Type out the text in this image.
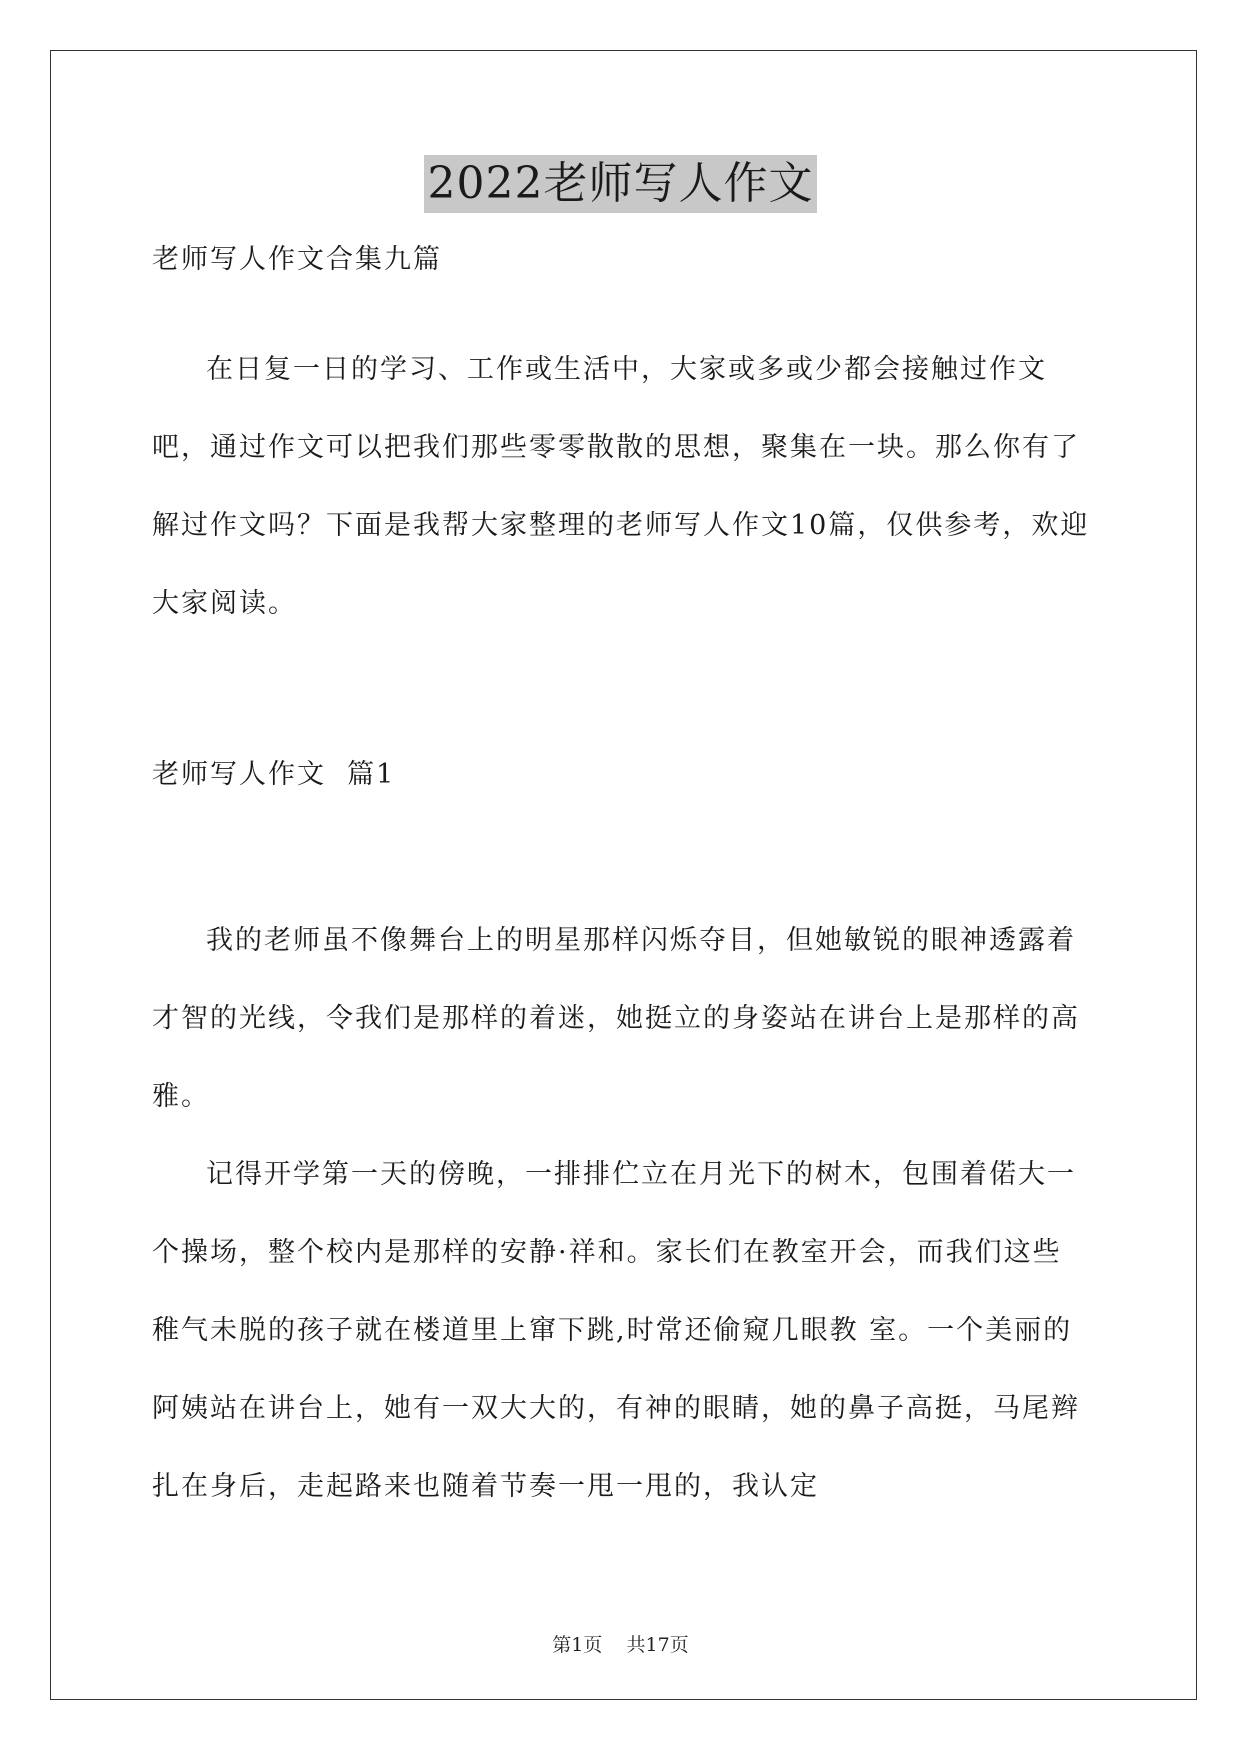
2022老师写人作文
老师写人作文合集九篇

在日复一日的学习、工作或生活中，大家或多或少都会接触过作文吧，通过作文可以把我们那些零零散散的思想，聚集在一块。那么你有了解过作文吗？下面是我帮大家整理的老师写人作文10篇，仅供参考，欢迎大家阅读。

老师写人作文  篇1

我的老师虽不像舞台上的明星那样闪烁夺目，但她敏锐的眼神透露着才智的光线，令我们是那样的着迷，她挺立的身姿站在讲台上是那样的高雅。

记得开学第一天的傍晚，一排排伫立在月光下的树木，包围着偌大一个操场，整个校内是那样的安静·祥和。家长们在教室开会，而我们这些稚气未脱的孩子就在楼道里上窜下跳,时常还偷窥几眼教 室。一个美丽的阿姨站在讲台上，她有一双大大的，有神的眼睛，她的鼻子高挺，马尾辫扎在身后，走起路来也随着节奏一甩一甩的，我认定

第1页 共17页
